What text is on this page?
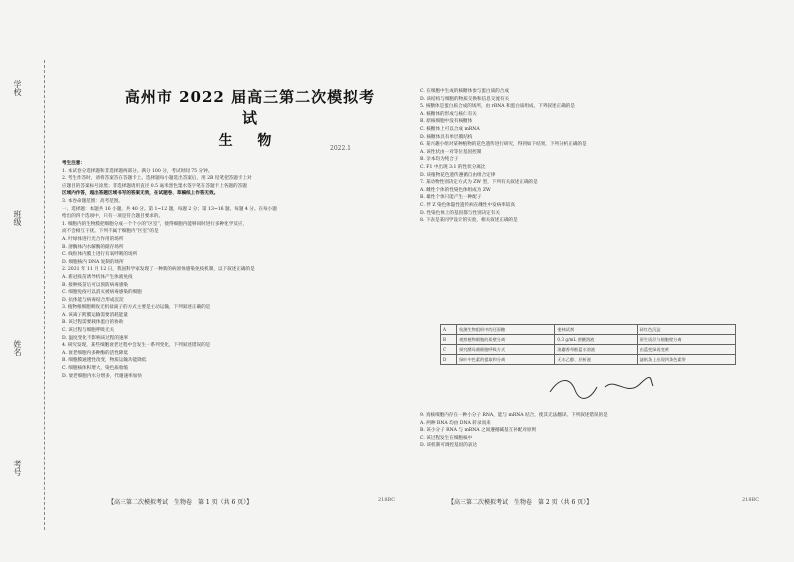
学校
班级
姓名
考号
高州市 2022 届高三第二次模拟考试
生 物	2022.1
考生注意：
1. 本试卷分选择题和非选择题两部分。满分 100 分，考试时间 75 分钟。
2. 考生作答时，请将答案答在答题卡上。选择题每小题选出答案后，用 2B 铅笔把答题卡上对
应题目的答案标号涂黑；非选择题请用直径 0.5 毫米黑色墨水签字笔在答题卡上各题的答题
区域内作答，超出答题区域书写的答案无效，在试题卷、草稿纸上作答无效。
3. 本卷命题范围：高考范围。
一、选择题：本题共 16 小题，共 40 分。第 1~12 题，每题 2 分；第 13~16 题，每题 4 分。在每小题
给出的四个选项中，只有一项是符合题目要求的。
1. 细胞内的生物膜把细胞分成一个个小的“区室”，使得细胞内能够同时进行多种化学反应，
而不会相互干扰。下列不属于细胞内“区室”的是
A. 叶绿体进行光合作用的场所
B. 溶酶体内水解酶的储存场所
C. 线粒体内膜上进行有氧呼吸的场所
D. 细胞核内 DNA 复制的场所
2. 2021 年 11 月 12 日，我国科学家发现了一种新的病原体感染免疫机制，以下叙述正确的是
A. 新冠疫苗诱导机体产生体液免疫
B. 接种疫苗后可以预防病毒感染
C. 细胞免疫可以消灭被病毒感染的细胞
D. 抗体能与病毒结合形成沉淀
3. 植物根细胞吸收无机盐离子的方式主要是主动运输，下列叙述正确的是
A. 该离子跨膜运输需要消耗能量
B. 该过程需要载体蛋白的协助
C. 该过程与细胞呼吸无关
D. 温度变化不影响该过程的速率
4. 研究发现，某些细胞衰老过程中会发生一系列变化，下列叙述错误的是
A. 衰老细胞内多种酶的活性降低
B. 细胞膜通透性改变，物质运输功能降低
C. 细胞核体积增大，染色质收缩
D. 衰老细胞内水分增多，代谢速率加快
C. 在细胞中生成的核糖体参与蛋白质的合成
D. 该结构与细胞的物质交换和信息交流有关
5. 核糖体是蛋白质合成的场所，由 rRNA 和蛋白质组成，下列叙述正确的是
A. 核糖体的形成与核仁有关
B. 原核细胞中没有核糖体
C. 核糖体上可以合成 mRNA
D. 核糖体具有单层膜结构
6. 某兴趣小组对某种植物的花色遗传进行研究，得到如下结果，下列分析正确的是
A. 该性状由一对等位基因控制
B. 亲本均为纯合子
C. F1 中出现 3:1 的性状分离比
D. 该植物花色遗传遵循自由组合定律
7. 某动物性别决定方式为 ZW 型，下列有关叙述正确的是
A. 雌性个体的性染色体组成为 ZW
B. 雄性个体只能产生一种配子
C. 伴 Z 染色体隐性遗传病在雌性中发病率较高
D. 性染色体上的基因都与性别决定有关
8. 下表是某同学设计的实验，相关叙述正确的是
A	检测生物组织中的还原糖	斐林试剂	砖红色沉淀
B	观察植物细胞的质壁分离	0.3 g/mL 蔗糖溶液	原生质层与细胞壁分离
C	探究酵母菌细胞呼吸方式	溴麝香草酚蓝水溶液	由蓝变绿再变黄
D	绿叶中色素的提取和分离	无水乙醇、层析液	滤纸条上出现四条色素带
9. 真核细胞内存在一种小分子 RNA，能与 mRNA 结合，使其无法翻译。下列叙述错误的是
A. 两种 RNA 均由 DNA 转录而来
B. 该小分子 RNA 与 mRNA 之间遵循碱基互补配对原则
C. 该过程发生在细胞核中
D. 该机制可调控基因的表达
【高三第二次模拟考试　生物卷　第 1 页（共 6 页）】	218BC	【高三第二次模拟考试　生物卷　第 2 页（共 6 页）】	218BC
